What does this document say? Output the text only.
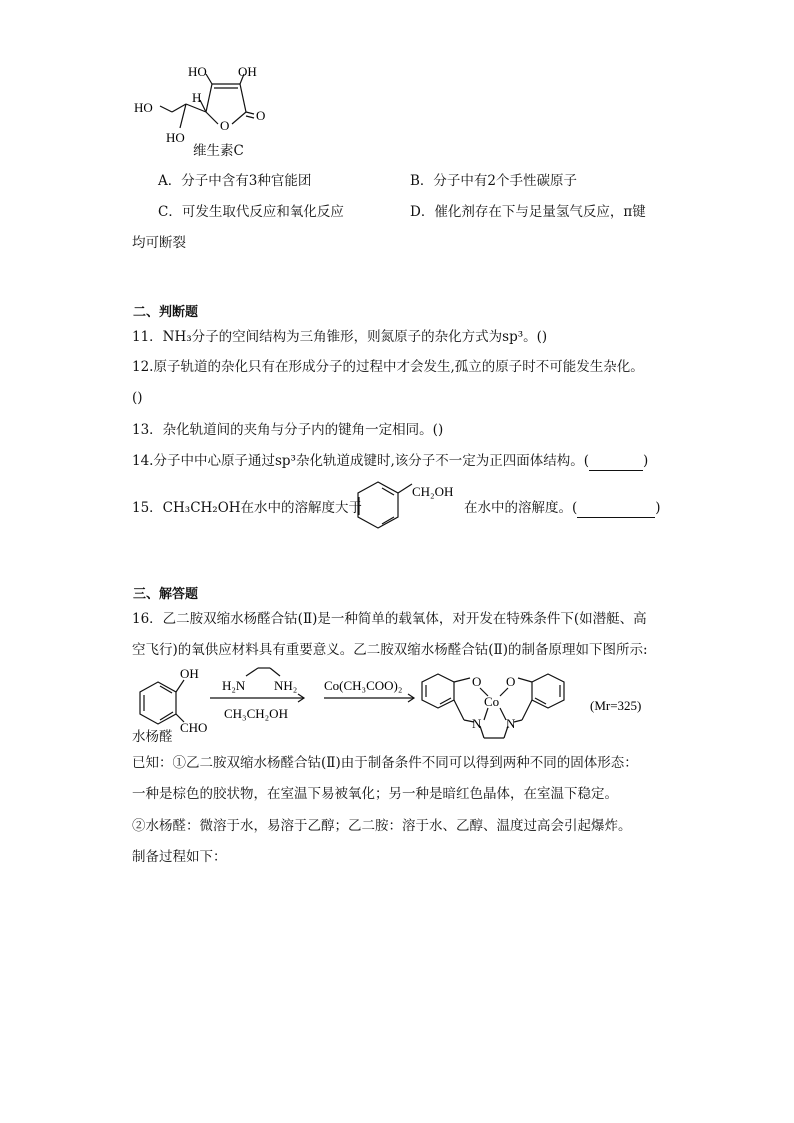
HO OH
HO
H
O
O
HO
维生素C
A．分子中含有3种官能团	B．分子中有2个手性碳原子
C．可发生取代反应和氧化反应	D．催化剂存在下与足量氢气反应，π键
均可断裂
二、判断题
11．NH₃分子的空间结构为三角锥形，则氮原子的杂化方式为sp³。()
12.原子轨道的杂化只有在形成分子的过程中才会发生,孤立的原子时不可能发生杂化。
()
13．杂化轨道间的夹角与分子内的键角一定相同。()
14.分子中中心原子通过sp³杂化轨道成键时,该分子不一定为正四面体结构。(	)
15．CH₃CH₂OH在水中的溶解度大于
CH₂OH
在水中的溶解度。(	)
三、解答题
16．乙二胺双缩水杨醛合钴(Ⅱ)是一种简单的载氧体，对开发在特殊条件下(如潜艇、高
空飞行)的氧供应材料具有重要意义。乙二胺双缩水杨醛合钴(Ⅱ)的制备原理如下图所示:
OH
CHO
H₂N NH₂
CH₃CH₂OH
Co(CH₃COO)₂	O O
Co
N N
(Mr=325)
水杨醛
已知：①乙二胺双缩水杨醛合钴(Ⅱ)由于制备条件不同可以得到两种不同的固体形态：
一种是棕色的胶状物，在室温下易被氧化；另一种是暗红色晶体，在室温下稳定。
②水杨醛：微溶于水，易溶于乙醇；乙二胺：溶于水、乙醇、温度过高会引起爆炸。
制备过程如下：
